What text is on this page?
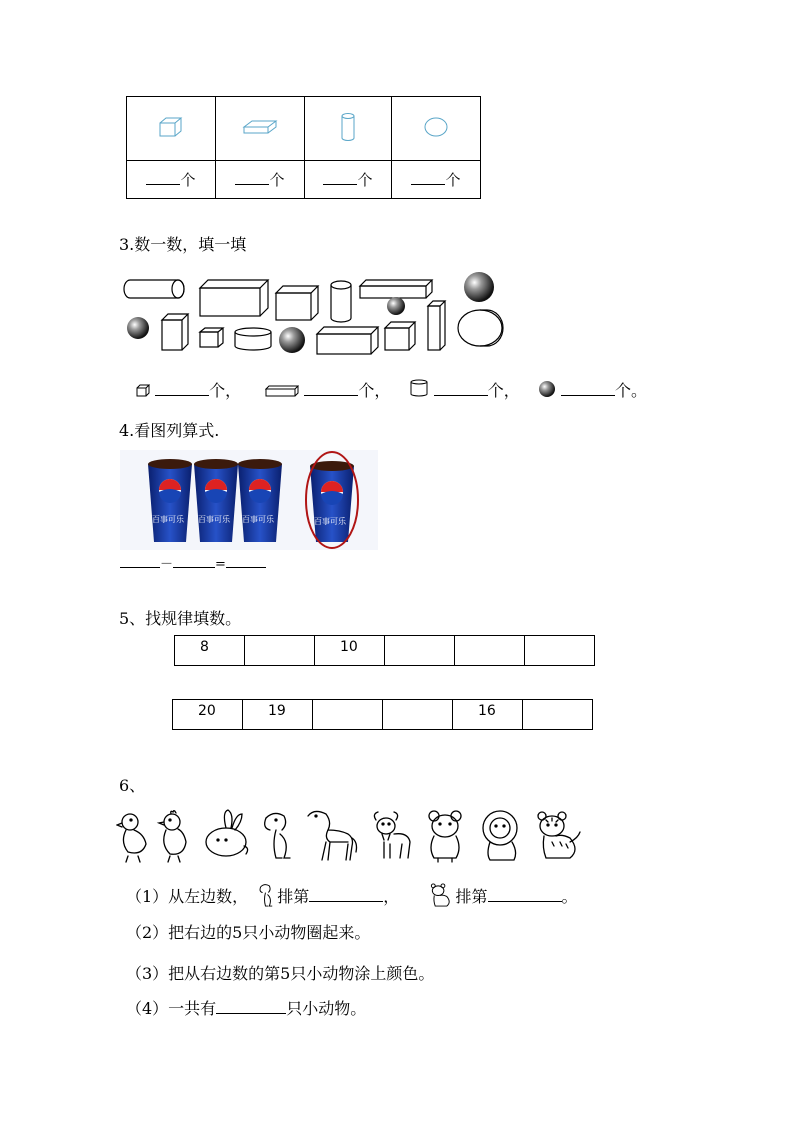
个	个	个	个
3.数一数，填一填
个，	个，	个，	个。
4.看图列算式.
百事可乐 百事可乐 百事可乐	百事可乐
－	=
5、找规律填数。
8		10			
20	19			16	
6、
（1）从左边数， 排第	，	排第	。
（2）把右边的5只小动物圈起来。
（3）把从右边数的第5只小动物涂上颜色。
（4）一共有	只小动物。
